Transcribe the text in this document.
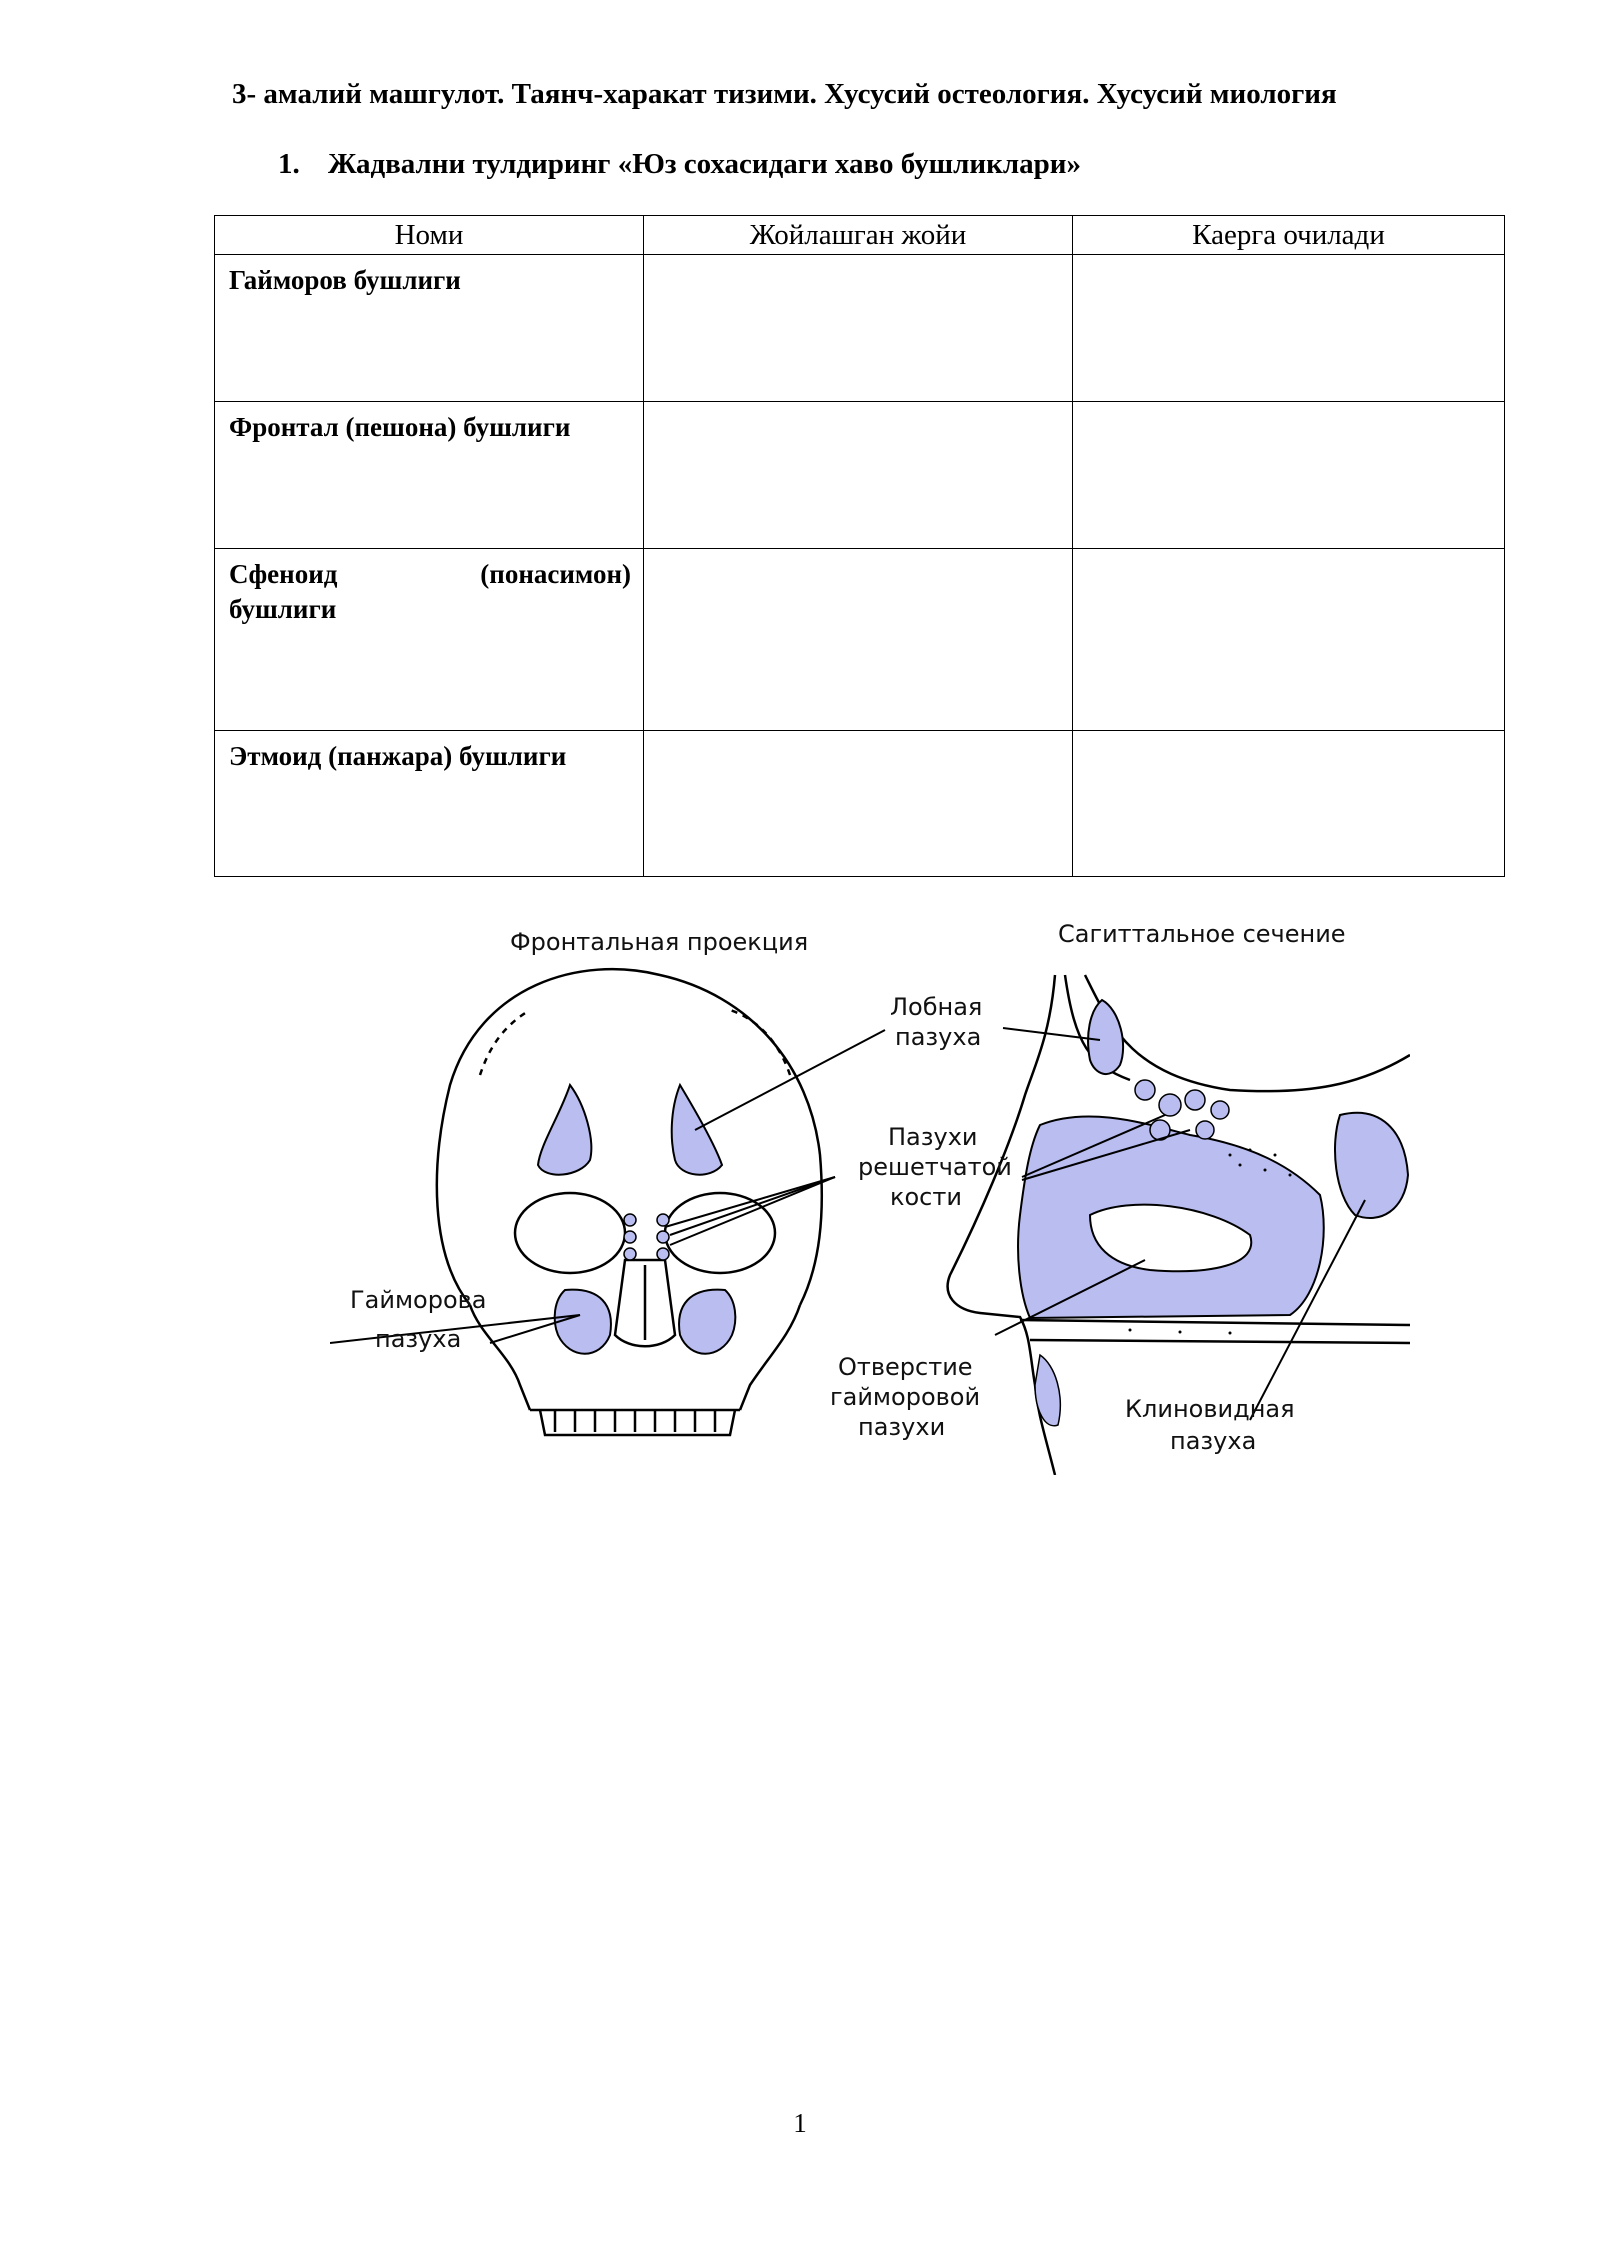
3- амалий машгулот. Таянч-харакат тизими. Хусусий остеология. Хусусий миология
1. Жадвални тулдиринг «Юз сохасидаги хаво бушликлари»
Номи	Жойлашган жойи	Каерга очилади
Гайморов бушлиги		
Фронтал (пешона) бушлиги		

Сфеноид (понасимон)
бушлиги		

Этмоид (панжара) бушлиги		
Фронтальная проекция	Сагиттальное сечение
Лобная
пазуха
Пазухи
решетчатой
кости
Гайморова
пазуха
Отверстие
гайморовой
пазухи
Клиновидная
пазуха
1
